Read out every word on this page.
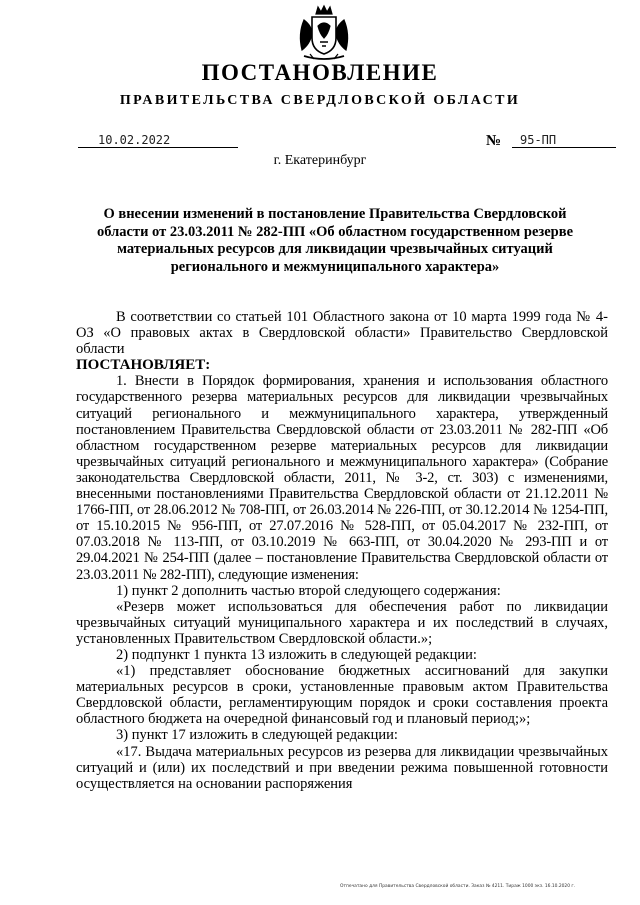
ПОСТАНОВЛЕНИЕ
ПРАВИТЕЛЬСТВА СВЕРДЛОВСКОЙ ОБЛАСТИ
10.02.2022	№	95-ПП
г. Екатеринбург
О внесении изменений в постановление Правительства Свердловской области от 23.03.2011 № 282-ПП «Об областном государственном резерве материальных ресурсов для ликвидации чрезвычайных ситуаций регионального и межмуниципального характера»

В соответствии со статьей 101 Областного закона от 10 марта 1999 года № 4-ОЗ «О правовых актах в Свердловской области» Правительство Свердловской области

ПОСТАНОВЛЯЕТ:

1. Внести в Порядок формирования, хранения и использования областного государственного резерва материальных ресурсов для ликвидации чрезвычайных ситуаций регионального и межмуниципального характера, утвержденный постановлением Правительства Свердловской области от 23.03.2011 № 282-ПП «Об областном государственном резерве материальных ресурсов для ликвидации чрезвычайных ситуаций регионального и межмуниципального характера» (Собрание законодательства Свердловской области, 2011, № 3-2, ст. 303) с изменениями, внесенными постановлениями Правительства Свердловской области от 21.12.2011 № 1766-ПП, от 28.06.2012 № 708-ПП, от 26.03.2014 № 226-ПП, от 30.12.2014 № 1254-ПП, от 15.10.2015 № 956-ПП, от 27.07.2016 № 528-ПП, от 05.04.2017 № 232-ПП, от 07.03.2018 № 113-ПП, от 03.10.2019 № 663-ПП, от 30.04.2020 № 293-ПП и от 29.04.2021 № 254-ПП (далее – постановление Правительства Свердловской области от 23.03.2011 № 282-ПП), следующие изменения:

1) пункт 2 дополнить частью второй следующего содержания:

«Резерв может использоваться для обеспечения работ по ликвидации чрезвычайных ситуаций муниципального характера и их последствий в случаях, установленных Правительством Свердловской области.»;

2) подпункт 1 пункта 13 изложить в следующей редакции:

«1) представляет обоснование бюджетных ассигнований для закупки материальных ресурсов в сроки, установленные правовым актом Правительства Свердловской области, регламентирующим порядок и сроки составления проекта областного бюджета на очередной финансовый год и плановый период;»;

3) пункт 17 изложить в следующей редакции:

«17. Выдача материальных ресурсов из резерва для ликвидации чрезвычайных ситуаций и (или) их последствий и при введении режима повышенной готовности осуществляется на основании распоряжения

Отпечатано для Правительства Свердловской области. Заказ № 4211. Тираж 1000 экз. 16.10.2020 г.
